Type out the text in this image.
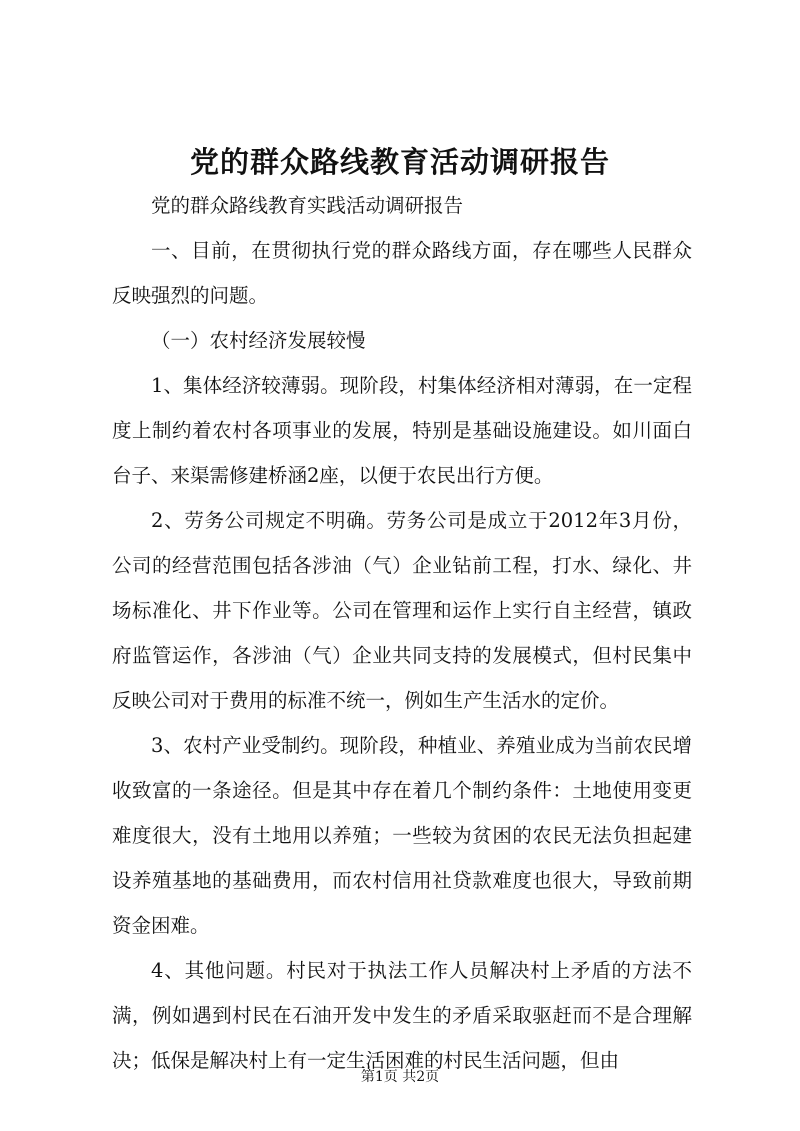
党的群众路线教育活动调研报告

党的群众路线教育实践活动调研报告

一、目前，在贯彻执行党的群众路线方面，存在哪些人民群众反映强烈的问题。

（一）农村经济发展较慢

1、集体经济较薄弱。现阶段，村集体经济相对薄弱，在一定程度上制约着农村各项事业的发展，特别是基础设施建设。如川面白台子、来渠需修建桥涵2座，以便于农民出行方便。

2、劳务公司规定不明确。劳务公司是成立于2012年3月份，公司的经营范围包括各涉油（气）企业钻前工程，打水、绿化、井场标准化、井下作业等。公司在管理和运作上实行自主经营，镇政府监管运作，各涉油（气）企业共同支持的发展模式，但村民集中反映公司对于费用的标准不统一，例如生产生活水的定价。

3、农村产业受制约。现阶段，种植业、养殖业成为当前农民增收致富的一条途径。但是其中存在着几个制约条件：土地使用变更难度很大，没有土地用以养殖；一些较为贫困的农民无法负担起建设养殖基地的基础费用，而农村信用社贷款难度也很大，导致前期资金困难。

4、其他问题。村民对于执法工作人员解决村上矛盾的方法不满，例如遇到村民在石油开发中发生的矛盾采取驱赶而不是合理解决；低保是解决村上有一定生活困难的村民生活问题，但由

第1页 共2页
